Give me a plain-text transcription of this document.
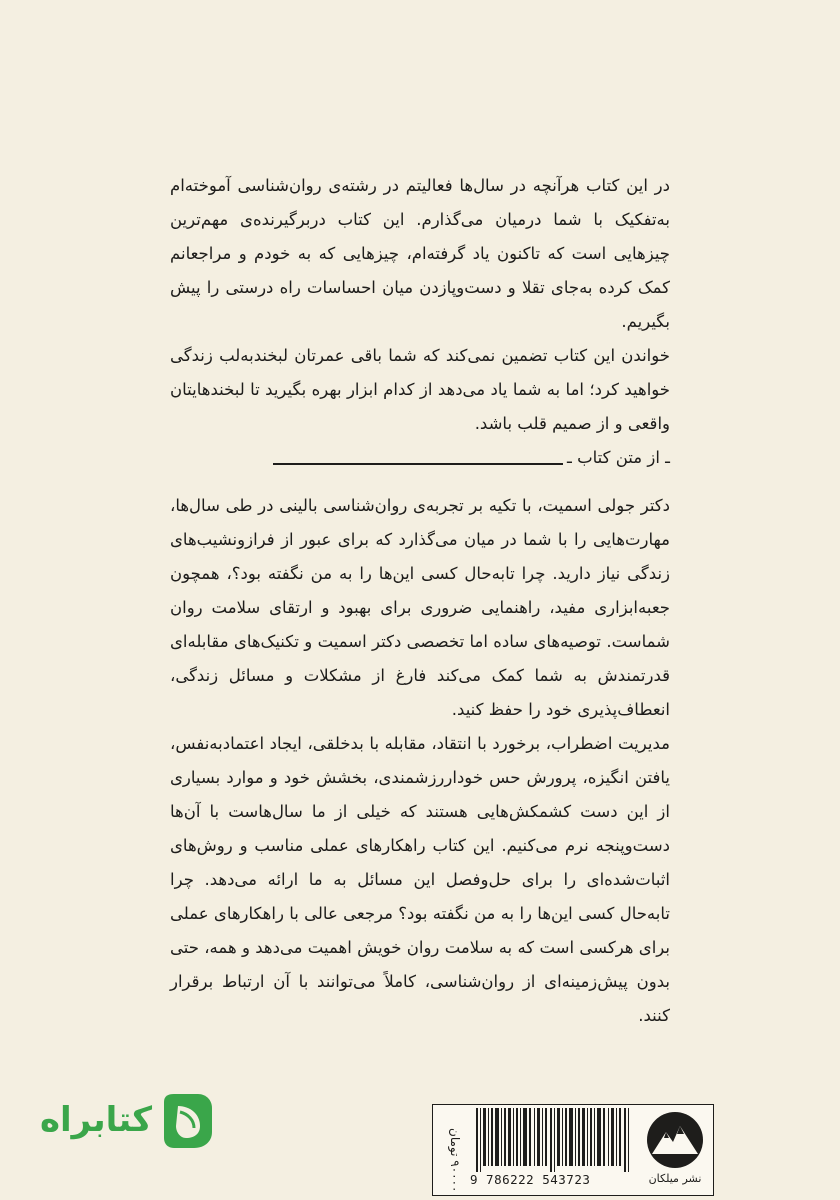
در این کتاب هرآنچه در سال‌ها فعالیتم در رشته‌ی روان‌شناسی آموخته‌ام به‌تفکیک با شما درمیان می‌گذارم. این کتاب دربرگیرنده‌ی مهم‌ترین چیزهایی است که تاکنون یاد گرفته‌ام، چیزهایی که به خودم و مراجعانم کمک کرده به‌جای تقلا و دست‌وپازدن میان احساسات راه درستی را پیش بگیریم.

خواندن این کتاب تضمین نمی‌کند که شما باقی عمرتان لبخندبه‌لب زندگی خواهید کرد؛ اما به شما یاد می‌دهد از کدام ابزار بهره بگیرید تا لبخندهایتان واقعی و از صمیم قلب باشد.

ـ از متن کتاب ـ

دکتر جولی اسمیت، با تکیه بر تجربه‌ی روان‌شناسی بالینی در طی سال‌ها، مهارت‌هایی را با شما در میان می‌گذارد که برای عبور از فرازونشیب‌های زندگی نیاز دارید. چرا تابه‌حال کسی این‌ها را به من نگفته بود؟، همچون جعبه‌ابزاری مفید، راهنمایی ضروری برای بهبود و ارتقای سلامت روان شماست. توصیه‌های ساده اما تخصصی دکتر اسمیت و تکنیک‌های مقابله‌ای قدرتمندش به شما کمک می‌کند فارغ از مشکلات و مسائل زندگی، انعطاف‌پذیری خود را حفظ کنید.

مدیریت اضطراب، برخورد با انتقاد، مقابله با بدخلقی، ایجاد اعتمادبه‌نفس، یافتن انگیزه، پرورش حس خوداررزشمندی، بخشش خود و موارد بسیاری از این دست کشمکش‌هایی هستند که خیلی از ما سال‌هاست با آن‌ها دست‌وپنجه نرم می‌کنیم. این کتاب راهکارهای عملی مناسب و روش‌های اثبات‌شده‌ای را برای حل‌وفصل این مسائل به ما ارائه می‌دهد. چرا تابه‌حال کسی این‌ها را به من نگفته بود؟ مرجعی عالی با راهکارهای عملی برای هرکسی است که به سلامت روان خویش اهمیت می‌دهد و همه، حتی بدون پیش‌زمینه‌ای از روان‌شناسی، کاملاً می‌توانند با آن ارتباط برقرار کنند.

کتابراه
۹۰۰۰۰ تومان 9 786222 543723	نشر میلکان
